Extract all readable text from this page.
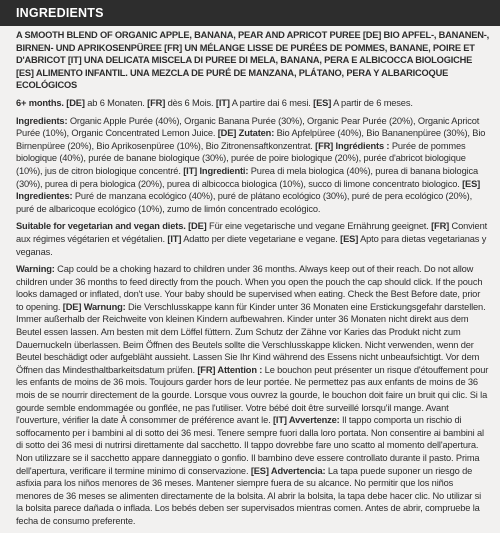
INGREDIENTS

A SMOOTH BLEND OF ORGANIC APPLE, BANANA, PEAR AND APRICOT PUREE [DE] BIO APFEL-, BANANEN-, BIRNEN- UND APRIKOSENPÜREE [FR] UN MÉLANGE LISSE DE PURÉES DE POMMES, BANANE, POIRE ET D'ABRICOT [IT] UNA DELICATA MISCELA DI PUREE DI MELA, BANANA, PERA E ALBICOCCA BIOLOGICHE [ES] ALIMENTO INFANTIL. UNA MEZCLA DE PURÉ DE MANZANA, PLÁTANO, PERA Y ALBARICOQUE ECOLÓGICOS

6+ months. [DE] ab 6 Monaten. [FR] dès 6 Mois. [IT] A partire dai 6 mesi. [ES] A partir de 6 meses.

Ingredients: Organic Apple Purée (40%), Organic Banana Purée (30%), Organic Pear Purée (20%), Organic Apricot Purée (10%), Organic Concentrated Lemon Juice. [DE] Zutaten: Bio Apfelpüree (40%), Bio Bananenpüree (30%), Bio Birnenpüree (20%), Bio Aprikosenpüree (10%), Bio Zitronensaftkonzentrat. [FR] Ingrédients : Purée de pommes biologique (40%), purée de banane biologique (30%), purée de poire biologique (20%), purée d'abricot biologique (10%), jus de citron biologique concentré. [IT] Ingredienti: Purea di mela biologica (40%), purea di banana biologica (30%), purea di pera biologica (20%), purea di albicocca biologica (10%), succo di limone concentrato biologico. [ES] Ingredientes: Puré de manzana ecológico (40%), puré de plátano ecológico (30%), puré de pera ecológico (20%), puré de albaricoque ecológico (10%), zumo de limón concentrado ecológico.

Suitable for vegetarian and vegan diets. [DE] Für eine vegetarische und vegane Ernährung geeignet. [FR] Convient aux régimes végétarien et végétalien. [IT] Adatto per diete vegetariane e vegane. [ES] Apto para dietas vegetarianas y veganas.

Warning: Cap could be a choking hazard to children under 36 months. Always keep out of their reach. Do not allow children under 36 months to feed directly from the pouch. When you open the pouch the cap should click. If the pouch looks damaged or inflated, don't use. Your baby should be supervised when eating. Check the Best Before date, prior to opening. [DE] Warnung: Die Verschlusskappe kann für Kinder unter 36 Monaten eine Erstickungsgefahr darstellen. Immer außerhalb der Reichweite von kleinen Kindern aufbewahren. Kinder unter 36 Monaten nicht direkt aus dem Beutel essen lassen. Am besten mit dem Löffel füttern. Zum Schutz der Zähne vor Karies das Produkt nicht zum Dauernuckeln überlassen. Beim Öffnen des Beutels sollte die Verschlusskappe klicken. Nicht verwenden, wenn der Beutel beschädigt oder aufgebläht aussieht. Lassen Sie Ihr Kind während des Essens nicht unbeaufsichtigt. Vor dem Öffnen das Mindesthaltbarkeitsdatum prüfen. [FR] Attention : Le bouchon peut présenter un risque d'étouffement pour les enfants de moins de 36 mois. Toujours garder hors de leur portée. Ne permettez pas aux enfants de moins de 36 mois de se nourrir directement de la gourde. Lorsque vous ouvrez la gourde, le bouchon doit faire un bruit qui clic. Si la gourde semble endommagée ou gonflée, ne pas l'utiliser. Votre bébé doit être surveillé lorsqu'il mange. Avant l'ouverture, vérifier la date À consommer de préférence avant le. [IT] Avvertenze: Il tappo comporta un rischio di soffocamento per i bambini al di sotto dei 36 mesi. Tenere sempre fuori dalla loro portata. Non consentire ai bambini al di sotto dei 36 mesi di nutrirsi direttamente dal sacchetto. Il tappo dovrebbe fare uno scatto al momento dell'apertura. Non utilizzare se il sacchetto appare danneggiato o gonfio. Il bambino deve essere controllato durante il pasto. Prima dell'apertura, verificare il termine minimo di conservazione. [ES] Advertencia: La tapa puede suponer un riesgo de asfixia para los niños menores de 36 meses. Mantener siempre fuera de su alcance. No permitir que los niños menores de 36 meses se alimenten directamente de la bolsita. Al abrir la bolsita, la tapa debe hacer clic. No utilizar si la bolsita parece dañada o inflada. Los bebés deben ser supervisados mientras comen. Antes de abrir, compruebe la fecha de consumo preferente.
